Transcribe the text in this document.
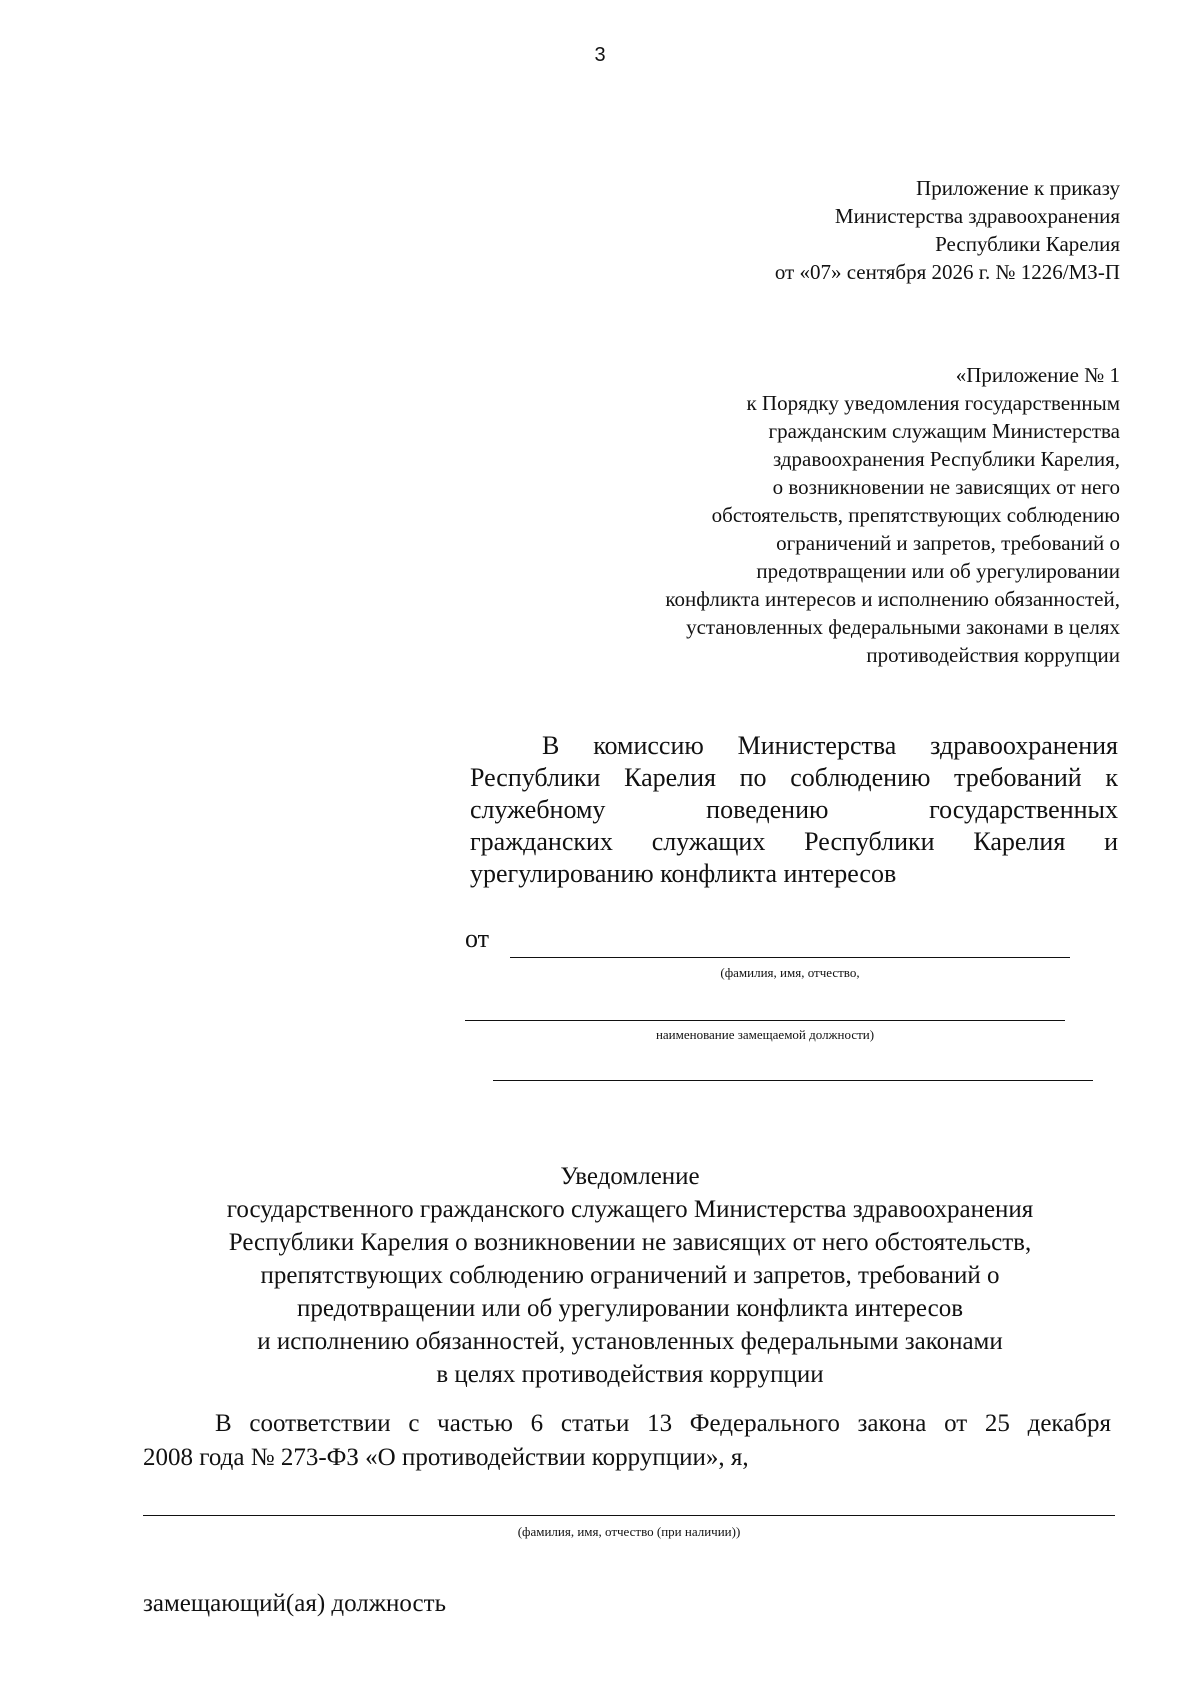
3
Приложение к приказу
Министерства здравоохранения
Республики Карелия
от «07» сентября 2026 г. № 1226/МЗ-П
«Приложение № 1
к Порядку уведомления государственным
гражданским служащим Министерства
здравоохранения Республики Карелия,
о возникновении не зависящих от него
обстоятельств, препятствующих соблюдению
ограничений и запретов, требований о
предотвращении или об урегулировании
конфликта интересов и исполнению обязанностей,
установленных федеральными законами в целях
противодействия коррупции
В комиссию Министерства здравоохранения
Республики Карелия по соблюдению требований к
служебному поведению государственных
гражданских служащих Республики Карелия и
урегулированию конфликта интересов
от
(фамилия, имя, отчество,
наименование замещаемой должности)
Уведомление
государственного гражданского служащего Министерства здравоохранения
Республики Карелия о возникновении не зависящих от него обстоятельств,
препятствующих соблюдению ограничений и запретов, требований о
предотвращении или об урегулировании конфликта интересов
и исполнению обязанностей, установленных федеральными законами
в целях противодействия коррупции
В соответствии с частью 6 статьи 13 Федерального закона от 25 декабря
2008 года № 273-ФЗ «О противодействии коррупции», я,
(фамилия, имя, отчество (при наличии))
замещающий(ая) должность
